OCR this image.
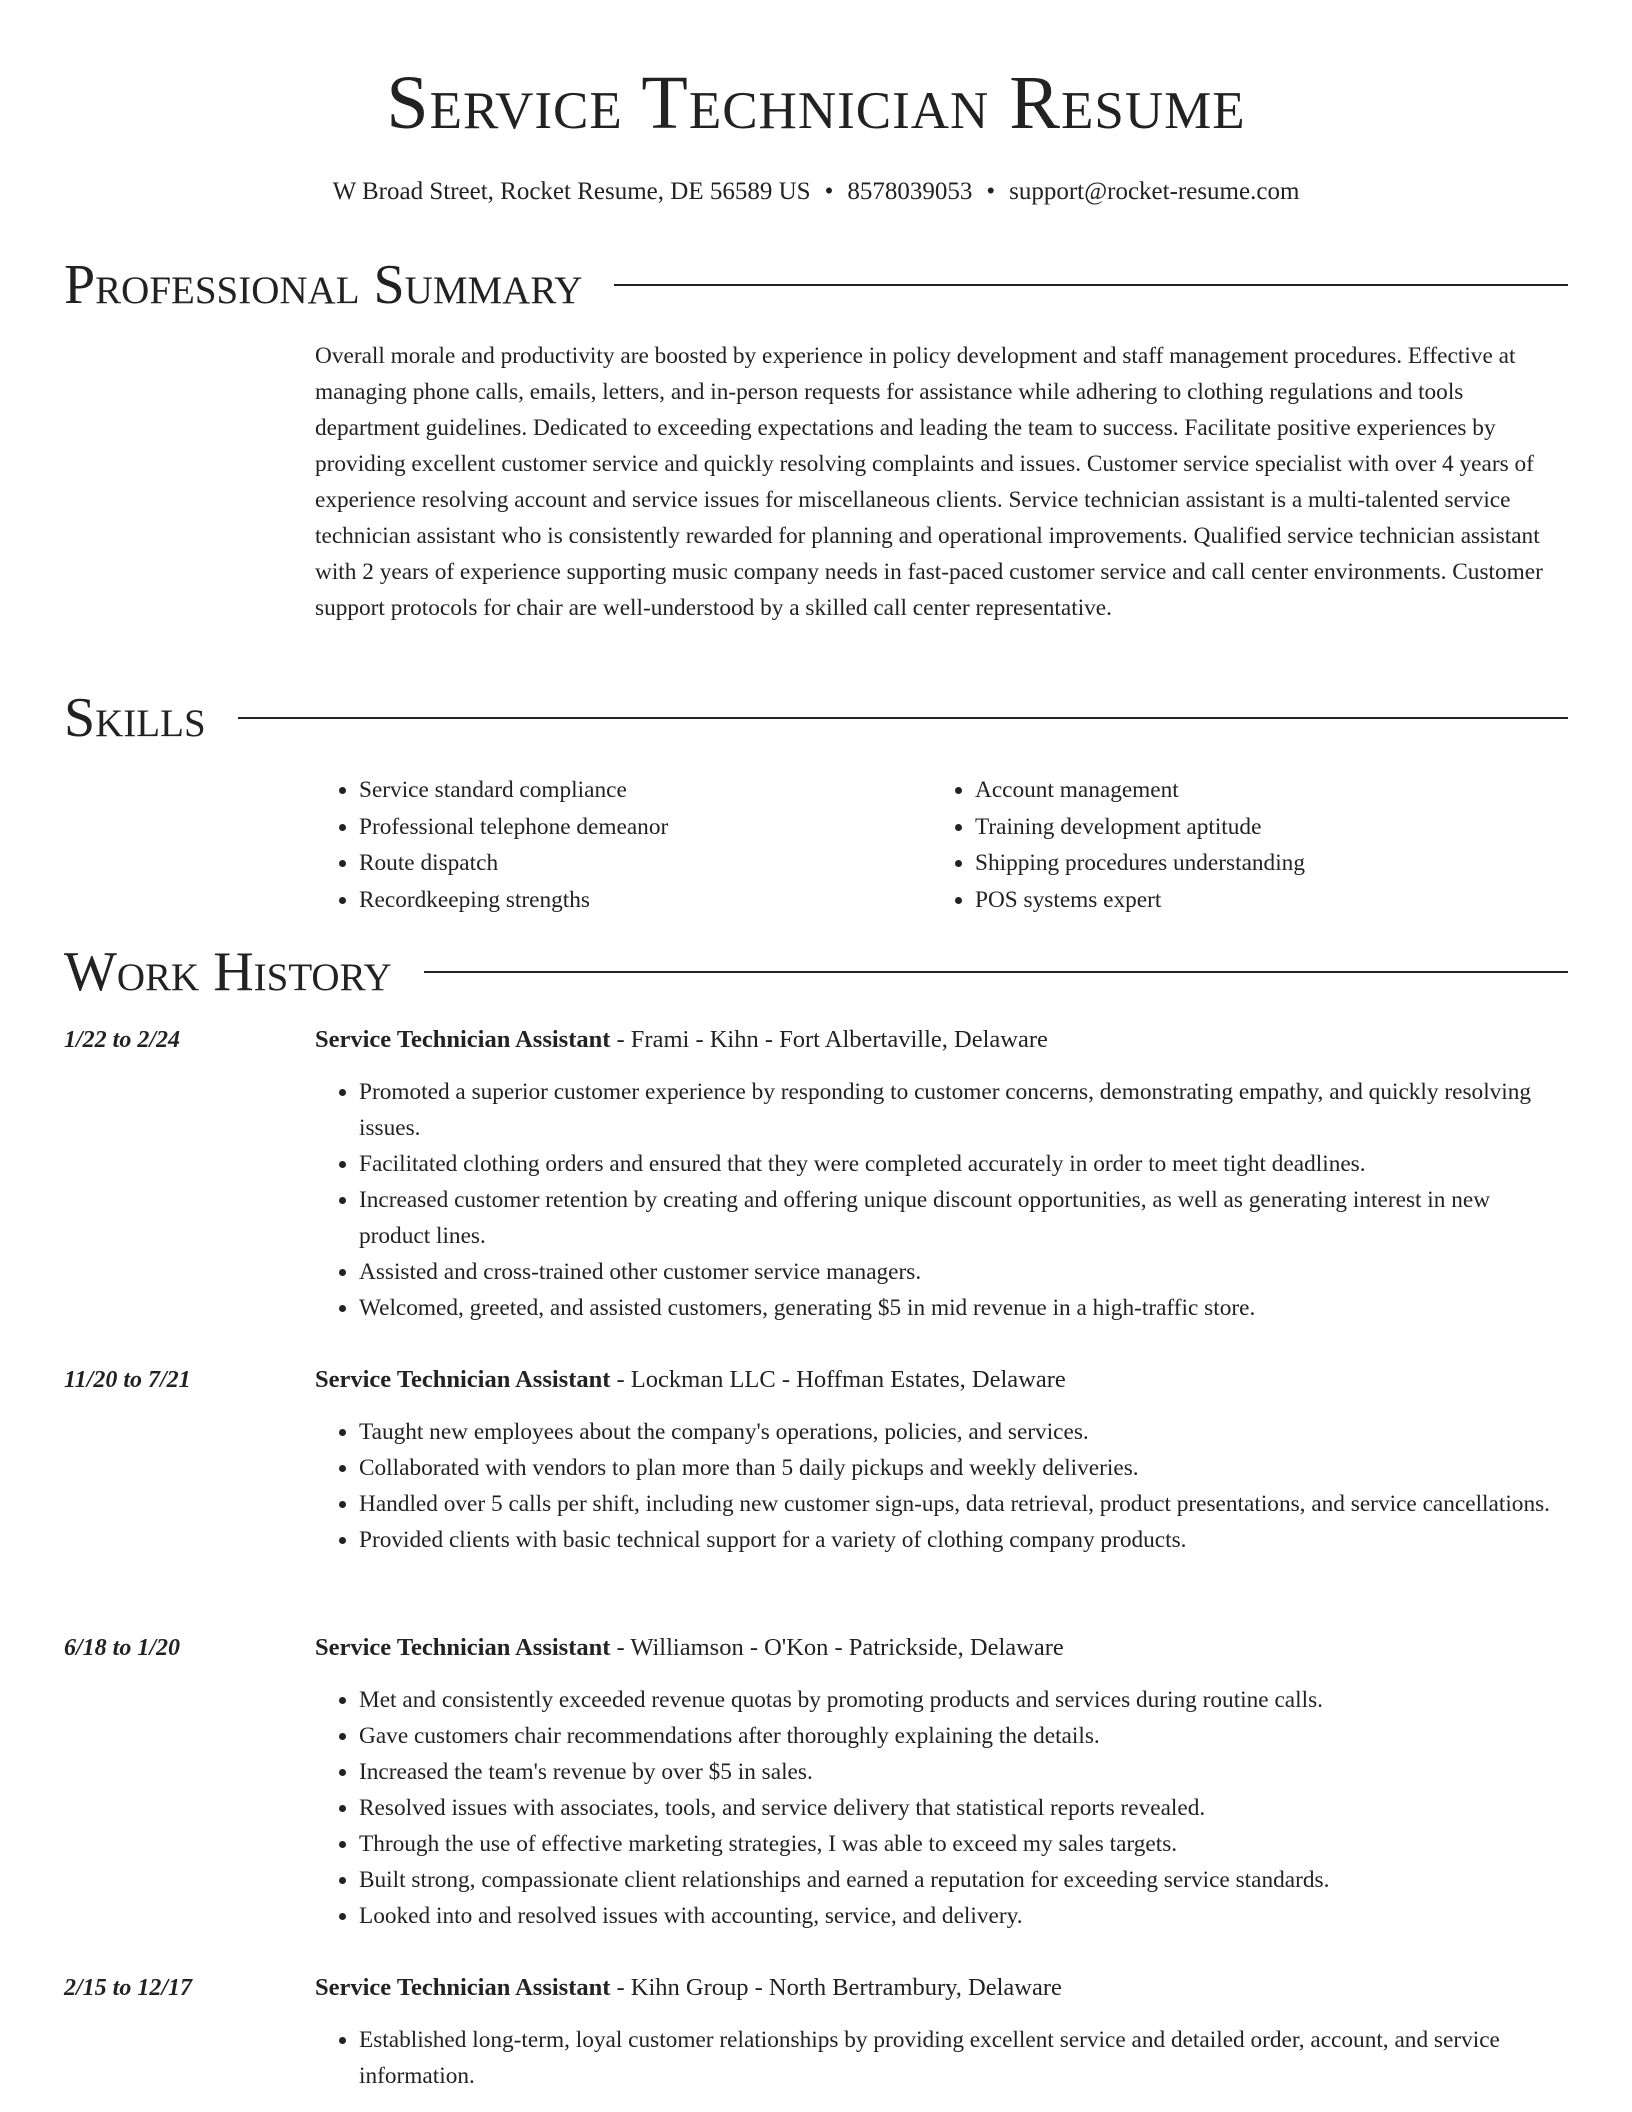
Service Technician Resume
W Broad Street, Rocket Resume, DE 56589 US • 8578039053 • support@rocket-resume.com
Professional Summary

Overall morale and productivity are boosted by experience in policy development and staff management procedures. Effective at managing phone calls, emails, letters, and in-person requests for assistance while adhering to clothing regulations and tools department guidelines. Dedicated to exceeding expectations and leading the team to success. Facilitate positive experiences by providing excellent customer service and quickly resolving complaints and issues. Customer service specialist with over 4 years of experience resolving account and service issues for miscellaneous clients. Service technician assistant is a multi-talented service technician assistant who is consistently rewarded for planning and operational improvements. Qualified service technician assistant with 2 years of experience supporting music company needs in fast-paced customer service and call center environments. Customer support protocols for chair are well-understood by a skilled call center representative.

Skills
• Service standard compliance
• Professional telephone demeanor
• Route dispatch
• Recordkeeping strengths
• Account management
• Training development aptitude
• Shipping procedures understanding
• POS systems expert
Work History
1/22 to 2/24	Service Technician Assistant - Frami - Kihn - Fort Albertaville, Delaware
• Promoted a superior customer experience by responding to customer concerns, demonstrating empathy, and quickly resolving issues.
• Facilitated clothing orders and ensured that they were completed accurately in order to meet tight deadlines.
• Increased customer retention by creating and offering unique discount opportunities, as well as generating interest in new product lines.
• Assisted and cross-trained other customer service managers.
• Welcomed, greeted, and assisted customers, generating $5 in mid revenue in a high-traffic store.
11/20 to 7/21	Service Technician Assistant - Lockman LLC - Hoffman Estates, Delaware
• Taught new employees about the company's operations, policies, and services.
• Collaborated with vendors to plan more than 5 daily pickups and weekly deliveries.
• Handled over 5 calls per shift, including new customer sign-ups, data retrieval, product presentations, and service cancellations.
• Provided clients with basic technical support for a variety of clothing company products.
6/18 to 1/20	Service Technician Assistant - Williamson - O'Kon - Patrickside, Delaware
• Met and consistently exceeded revenue quotas by promoting products and services during routine calls.
• Gave customers chair recommendations after thoroughly explaining the details.
• Increased the team's revenue by over $5 in sales.
• Resolved issues with associates, tools, and service delivery that statistical reports revealed.
• Through the use of effective marketing strategies, I was able to exceed my sales targets.
• Built strong, compassionate client relationships and earned a reputation for exceeding service standards.
• Looked into and resolved issues with accounting, service, and delivery.
2/15 to 12/17	Service Technician Assistant - Kihn Group - North Bertrambury, Delaware
• Established long-term, loyal customer relationships by providing excellent service and detailed order, account, and service information.
